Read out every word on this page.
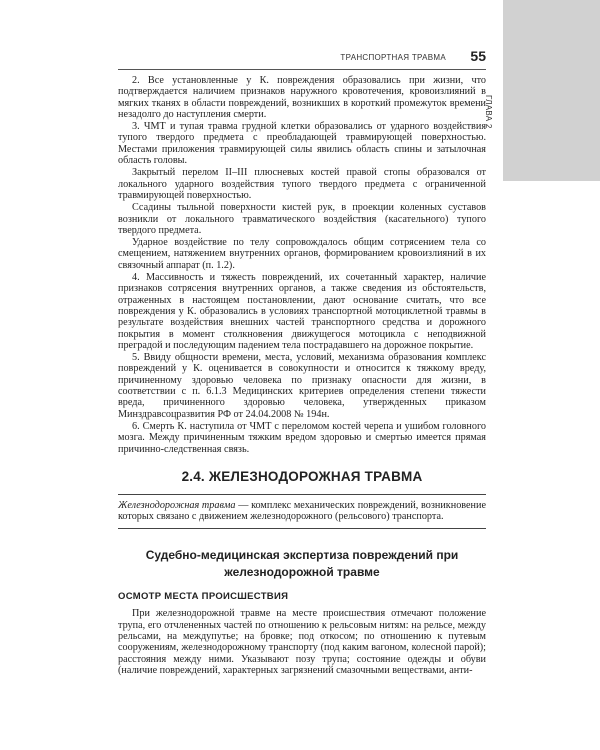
ГЛАВА 2
ТРАНСПОРТНАЯ ТРАВМА 55

2. Все установленные у К. повреждения образовались при жизни, что подтверждается наличием признаков наружного кровотечения, кровоизлияний в мягких тканях в области повреждений, возникших в короткий промежуток времени незадолго до наступления смерти.

3. ЧМТ и тупая травма грудной клетки образовались от ударного воздействия тупого твердого предмета с преобладающей травмирующей поверхностью. Местами приложения травмирующей силы явились область спины и затылочная область головы.

Закрытый перелом II–III плюсневых костей правой стопы образовался от локального ударного воздействия тупого твердого предмета с ограниченной травмирующей поверхностью.

Ссадины тыльной поверхности кистей рук, в проекции коленных суставов возникли от локального травматического воздействия (касательного) тупого твердого предмета.

Ударное воздействие по телу сопровождалось общим сотрясением тела со смещением, натяжением внутренних органов, формированием кровоизлияний в их связочный аппарат (п. 1.2).

4. Массивность и тяжесть повреждений, их сочетанный характер, наличие признаков сотрясения внутренних органов, а также сведения из обстоятельств, отраженных в настоящем постановлении, дают основание считать, что все повреждения у К. образовались в условиях транспортной мотоциклетной травмы в результате воздействия внешних частей транспортного средства и дорожного покрытия в момент столкновения движущегося мотоцикла с неподвижной преградой и последующим падением тела пострадавшего на дорожное покрытие.

5. Ввиду общности времени, места, условий, механизма образования комплекс повреждений у К. оценивается в совокупности и относится к тяжкому вреду, причиненному здоровью человека по признаку опасности для жизни, в соответствии с п. 6.1.3 Медицинских критериев определения степени тяжести вреда, причиненного здоровью человека, утвержденных приказом Минздравсоцразвития РФ от 24.04.2008 № 194н.

6. Смерть К. наступила от ЧМТ с переломом костей черепа и ушибом головного мозга. Между причиненным тяжким вредом здоровью и смертью имеется прямая причинно-следственная связь.

2.4. ЖЕЛЕЗНОДОРОЖНАЯ ТРАВМА

Железнодорожная травма — комплекс механических повреждений, возникновение которых связано с движением железнодорожного (рельсового) транспорта.

Судебно-медицинская экспертиза повреждений при железнодорожной травме
ОСМОТР МЕСТА ПРОИСШЕСТВИЯ

При железнодорожной травме на месте происшествия отмечают положение трупа, его отчлененных частей по отношению к рельсовым нитям: на рельсе, между рельсами, на междупутье; на бровке; под откосом; по отношению к путевым сооружениям, железнодорожному транспорту (под каким вагоном, колесной парой); расстояния между ними. Указывают позу трупа; состояние одежды и обуви (наличие повреждений, характерных загрязнений смазочными веществами, анти-
